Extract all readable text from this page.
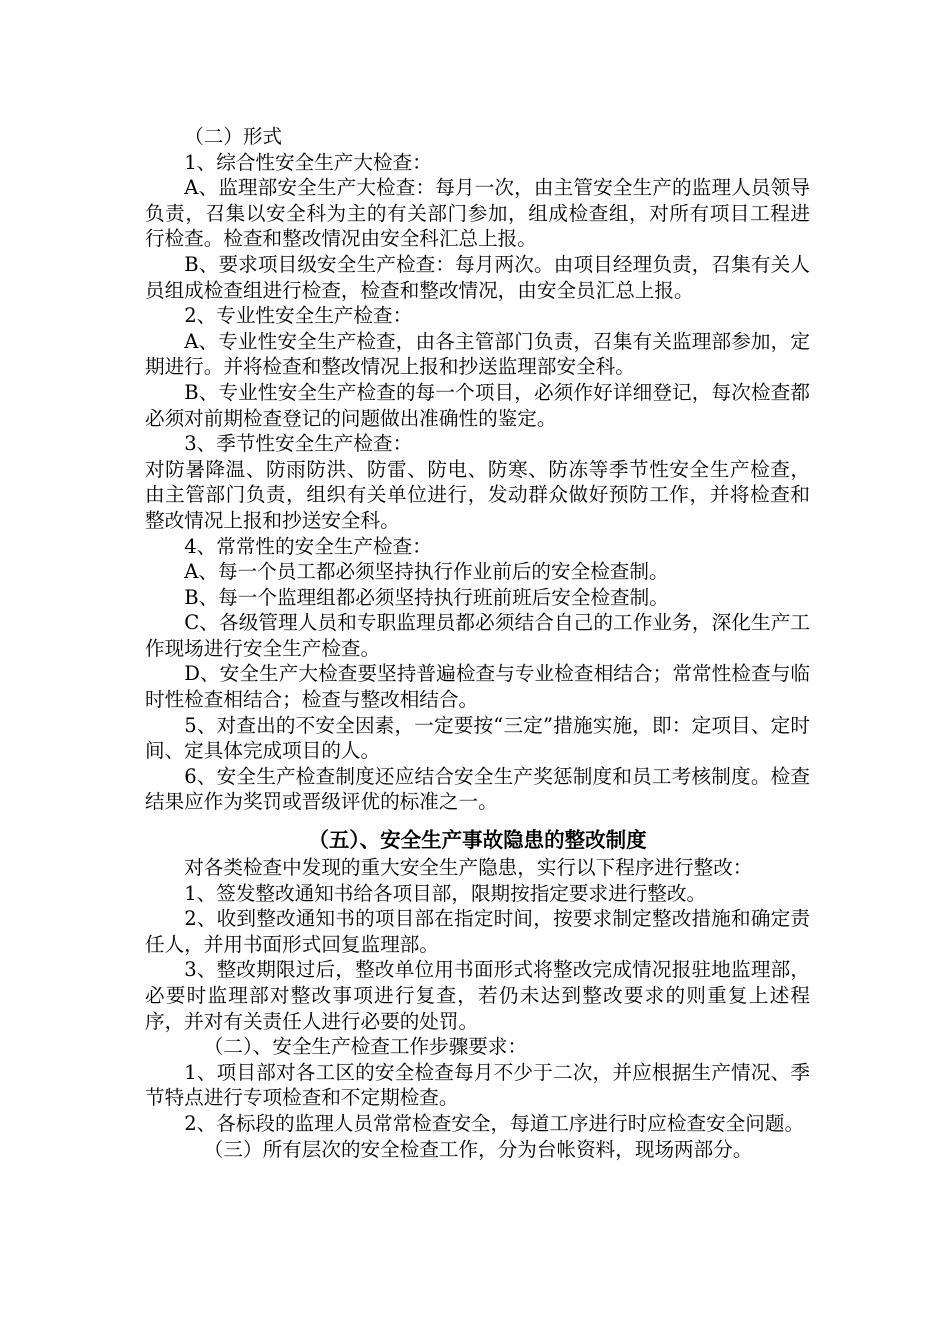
（二）形式

1、综合性安全生产大检查：

A、监理部安全生产大检查：每月一次，由主管安全生产的监理人员领导负责，召集以安全科为主的有关部门参加，组成检查组，对所有项目工程进行检查。检查和整改情况由安全科汇总上报。

B、要求项目级安全生产检查：每月两次。由项目经理负责，召集有关人员组成检查组进行检查，检查和整改情况，由安全员汇总上报。

2、专业性安全生产检查：

A、专业性安全生产检查，由各主管部门负责，召集有关监理部参加，定期进行。并将检查和整改情况上报和抄送监理部安全科。

B、专业性安全生产检查的每一个项目，必须作好详细登记，每次检查都必须对前期检查登记的问题做出准确性的鉴定。

3、季节性安全生产检查：

对防暑降温、防雨防洪、防雷、防电、防寒、防冻等季节性安全生产检查，由主管部门负责，组织有关单位进行，发动群众做好预防工作，并将检查和整改情况上报和抄送安全科。

4、常常性的安全生产检查：

A、每一个员工都必须坚持执行作业前后的安全检查制。

B、每一个监理组都必须坚持执行班前班后安全检查制。

C、各级管理人员和专职监理员都必须结合自己的工作业务，深化生产工作现场进行安全生产检查。

D、安全生产大检查要坚持普遍检查与专业检查相结合；常常性检查与临时性检查相结合；检查与整改相结合。

5、对查出的不安全因素，一定要按“三定”措施实施，即：定项目、定时间、定具体完成项目的人。

6、安全生产检查制度还应结合安全生产奖惩制度和员工考核制度。检查结果应作为奖罚或晋级评优的标准之一。

（五）、安全生产事故隐患的整改制度

对各类检查中发现的重大安全生产隐患，实行以下程序进行整改：

1、签发整改通知书给各项目部，限期按指定要求进行整改。

2、收到整改通知书的项目部在指定时间，按要求制定整改措施和确定责任人，并用书面形式回复监理部。

3、整改期限过后，整改单位用书面形式将整改完成情况报驻地监理部，必要时监理部对整改事项进行复查，若仍未达到整改要求的则重复上述程序，并对有关责任人进行必要的处罚。

（二）、安全生产检查工作步骤要求：

1、项目部对各工区的安全检查每月不少于二次，并应根据生产情况、季节特点进行专项检查和不定期检查。

2、各标段的监理人员常常检查安全，每道工序进行时应检查安全问题。

（三）所有层次的安全检查工作，分为台帐资料，现场两部分。
